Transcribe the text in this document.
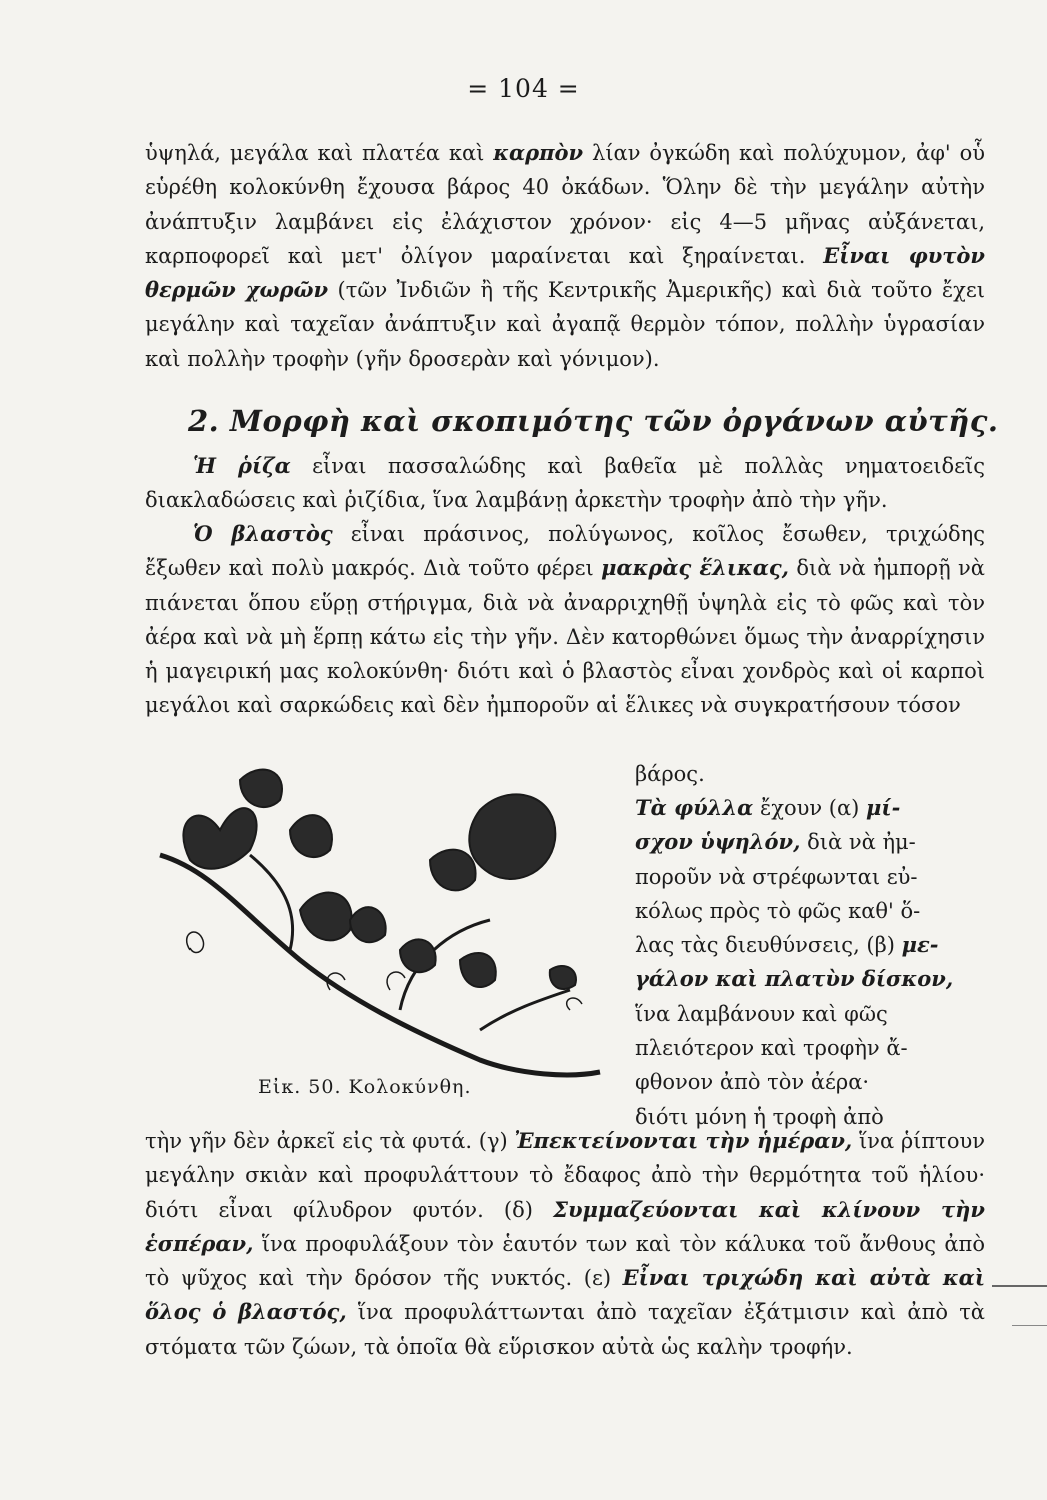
= 104 =

ὑψηλά, μεγάλα καὶ πλατέα καὶ καρπὸν λίαν ὀγκώδη καὶ πολύχυμον, ἀφ' οὗ εὑρέθη κολοκύνθη ἔχουσα βάρος 40 ὀκάδων. Ὅλην δὲ τὴν μεγάλην αὐτὴν ἀνάπτυξιν λαμβάνει εἰς ἐλάχιστον χρόνον· εἰς 4—5 μῆνας αὐξάνεται, καρποφορεῖ καὶ μετ' ὀλίγον μαραίνεται καὶ ξηραίνεται. Εἶναι φυτὸν θερμῶν χωρῶν (τῶν Ἰνδιῶν ἢ τῆς Κεντρικῆς Ἀμερικῆς) καὶ διὰ τοῦτο ἔχει μεγάλην καὶ ταχεῖαν ἀνάπτυξιν καὶ ἀγαπᾷ θερμὸν τόπον, πολλὴν ὑγρασίαν καὶ πολλὴν τροφὴν (γῆν δροσερὰν καὶ γόνιμον).

2. Μορφὴ καὶ σκοπιμότης τῶν ὀργάνων αὐτῆς.

Ἡ ῥίζα εἶναι πασσαλώδης καὶ βαθεῖα μὲ πολλὰς νηματοειδεῖς διακλαδώσεις καὶ ῥιζίδια, ἵνα λαμβάνῃ ἀρκετὴν τροφὴν ἀπὸ τὴν γῆν.

Ὁ βλαστὸς εἶναι πράσινος, πολύγωνος, κοῖλος ἔσωθεν, τριχώδης ἔξωθεν καὶ πολὺ μακρός. Διὰ τοῦτο φέρει μακρὰς ἕλικας, διὰ νὰ ἠμπορῇ νὰ πιάνεται ὅπου εὕρῃ στήριγμα, διὰ νὰ ἀναρριχηθῇ ὑψηλὰ εἰς τὸ φῶς καὶ τὸν ἀέρα καὶ νὰ μὴ ἕρπῃ κάτω εἰς τὴν γῆν. Δὲν κατορθώνει ὅμως τὴν ἀναρρίχησιν ἡ μαγειρική μας κολοκύνθη· διότι καὶ ὁ βλαστὸς εἶναι χονδρὸς καὶ οἱ καρποὶ μεγάλοι καὶ σαρκώδεις καὶ δὲν ἠμποροῦν αἱ ἕλικες νὰ συγκρατήσουν τόσον

βάρος.
Εἰκ. 50. Κολοκύνθη.
Τὰ φύλλα ἔχουν (α) μί-
σχον ὑψηλόν, διὰ νὰ ἠμ-
ποροῦν νὰ στρέφωνται εὐ-
κόλως πρὸς τὸ φῶς καθ' ὅ-
λας τὰς διευθύνσεις, (β) με-
γάλον καὶ πλατὺν δίσκον,
ἵνα λαμβάνουν καὶ φῶς
πλειότερον καὶ τροφὴν ἄ-
φθονον ἀπὸ τὸν ἀέρα·
διότι μόνη ἡ τροφὴ ἀπὸ

τὴν γῆν δὲν ἀρκεῖ εἰς τὰ φυτά. (γ) Ἐπεκτείνονται τὴν ἡμέραν, ἵνα ῥίπτουν μεγάλην σκιὰν καὶ προφυλάττουν τὸ ἔδαφος ἀπὸ τὴν θερμότητα τοῦ ἡλίου· διότι εἶναι φίλυδρον φυτόν. (δ) Συμμαζεύονται καὶ κλίνουν τὴν ἑσπέραν, ἵνα προφυλάξουν τὸν ἑαυτόν των καὶ τὸν κάλυκα τοῦ ἄνθους ἀπὸ τὸ ψῦχος καὶ τὴν δρόσον τῆς νυκτός. (ε) Εἶναι τριχώδη καὶ αὐτὰ καὶ ὅλος ὁ βλαστός, ἵνα προφυλάττωνται ἀπὸ ταχεῖαν ἐξάτμισιν καὶ ἀπὸ τὰ στόματα τῶν ζώων, τὰ ὁποῖα θὰ εὕρισκον αὐτὰ ὡς καλὴν τροφήν.
